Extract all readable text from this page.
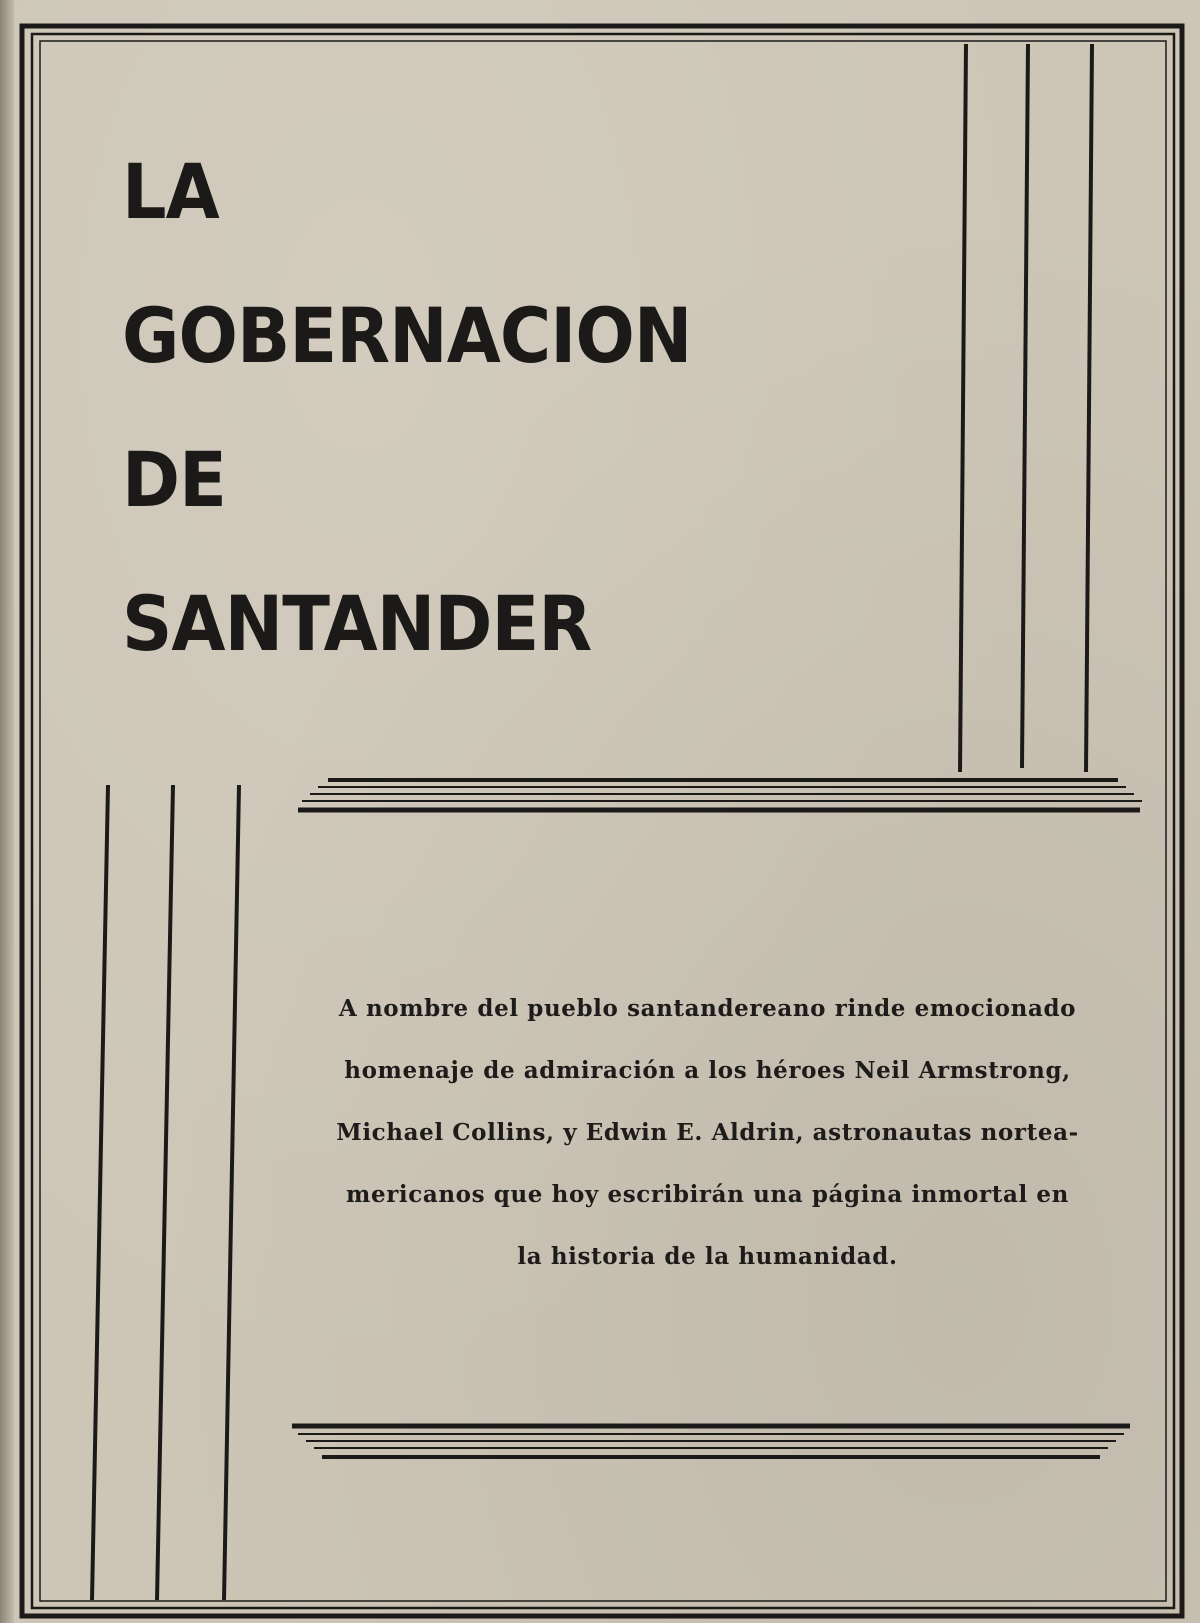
LA
GOBERNACION
DE
SANTANDER

A nombre del pueblo santandereano rinde emocionado
homenaje de admiración a los héroes Neil Armstrong,
Michael Collins, y Edwin E. Aldrin, astronautas nortea-
mericanos que hoy escribirán una página inmortal en
la historia de la humanidad.
